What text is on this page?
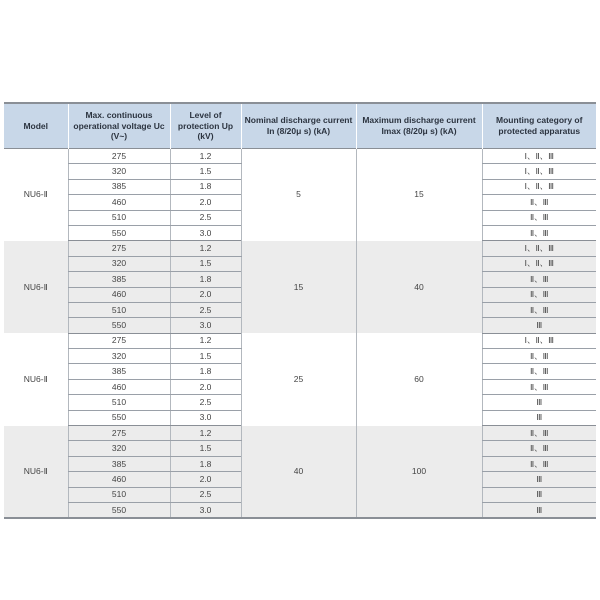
Model	Max. continuous operational voltage Uc (V~)	Level of protection Up (kV)	Nominal discharge current In (8/20μ s) (kA)	Maximum discharge current Imax (8/20μ s) (kA)	Mounting category of protected apparatus
NU6-Ⅱ	275	1.2	5	15	Ⅰ、Ⅱ、Ⅲ
	320	1.5			Ⅰ、Ⅱ、Ⅲ
	385	1.8			Ⅰ、Ⅱ、Ⅲ
	460	2.0			Ⅱ、Ⅲ
	510	2.5			Ⅱ、Ⅲ
	550	3.0			Ⅱ、Ⅲ
NU6-Ⅱ	275	1.2	15	40	Ⅰ、Ⅱ、Ⅲ
	320	1.5			Ⅰ、Ⅱ、Ⅲ
	385	1.8			Ⅱ、Ⅲ
	460	2.0			Ⅱ、Ⅲ
	510	2.5			Ⅱ、Ⅲ
	550	3.0			Ⅲ
NU6-Ⅱ	275	1.2	25	60	Ⅰ、Ⅱ、Ⅲ
	320	1.5			Ⅱ、Ⅲ
	385	1.8			Ⅱ、Ⅲ
	460	2.0			Ⅱ、Ⅲ
	510	2.5			Ⅲ
	550	3.0			Ⅲ
NU6-Ⅱ	275	1.2	40	100	Ⅱ、Ⅲ
	320	1.5			Ⅱ、Ⅲ
	385	1.8			Ⅱ、Ⅲ
	460	2.0			Ⅲ
	510	2.5			Ⅲ
	550	3.0			Ⅲ
